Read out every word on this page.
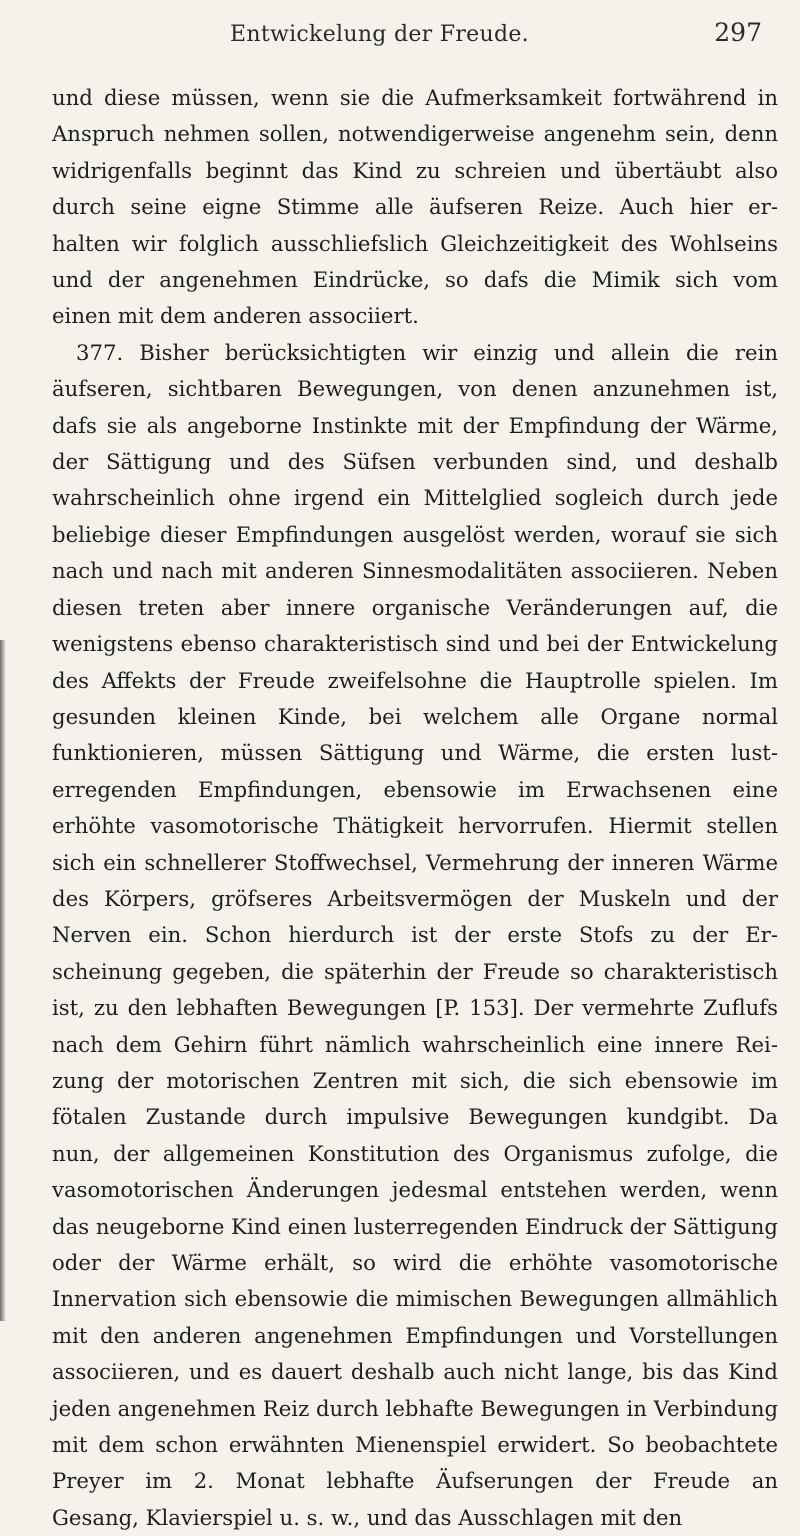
Entwickelung der Freude.	297
und diese müssen, wenn sie die Aufmerksamkeit fortwährend in
Anspruch nehmen sollen, notwendigerweise angenehm sein, denn
widrigenfalls beginnt das Kind zu schreien und übertäubt also
durch seine eigne Stimme alle äufseren Reize. Auch hier er-
halten wir folglich ausschliefslich Gleichzeitigkeit des Wohlseins
und der angenehmen Eindrücke, so dafs die Mimik sich vom
einen mit dem anderen associiert.
377. Bisher berücksichtigten wir einzig und allein die rein
äufseren, sichtbaren Bewegungen, von denen anzunehmen ist,
dafs sie als angeborne Instinkte mit der Empfindung der Wärme,
der Sättigung und des Süfsen verbunden sind, und deshalb
wahrscheinlich ohne irgend ein Mittelglied sogleich durch jede
beliebige dieser Empfindungen ausgelöst werden, worauf sie sich
nach und nach mit anderen Sinnesmodalitäten associieren. Neben
diesen treten aber innere organische Veränderungen auf, die
wenigstens ebenso charakteristisch sind und bei der Entwickelung
des Affekts der Freude zweifelsohne die Hauptrolle spielen. Im
gesunden kleinen Kinde, bei welchem alle Organe normal
funktionieren, müssen Sättigung und Wärme, die ersten lust-
erregenden Empfindungen, ebensowie im Erwachsenen eine
erhöhte vasomotorische Thätigkeit hervorrufen. Hiermit stellen
sich ein schnellerer Stoffwechsel, Vermehrung der inneren Wärme
des Körpers, gröfseres Arbeitsvermögen der Muskeln und der
Nerven ein. Schon hierdurch ist der erste Stofs zu der Er-
scheinung gegeben, die späterhin der Freude so charakteristisch
ist, zu den lebhaften Bewegungen [P. 153]. Der vermehrte Zuflufs
nach dem Gehirn führt nämlich wahrscheinlich eine innere Rei-
zung der motorischen Zentren mit sich, die sich ebensowie im
fötalen Zustande durch impulsive Bewegungen kundgibt. Da
nun, der allgemeinen Konstitution des Organismus zufolge, die
vasomotorischen Änderungen jedesmal entstehen werden, wenn
das neugeborne Kind einen lusterregenden Eindruck der Sättigung
oder der Wärme erhält, so wird die erhöhte vasomotorische
Innervation sich ebensowie die mimischen Bewegungen allmählich
mit den anderen angenehmen Empfindungen und Vorstellungen
associieren, und es dauert deshalb auch nicht lange, bis das Kind
jeden angenehmen Reiz durch lebhafte Bewegungen in Verbindung
mit dem schon erwähnten Mienenspiel erwidert. So beobachtete
Preyer im 2. Monat lebhafte Äufserungen der Freude an
Gesang, Klavierspiel u. s. w., und das Ausschlagen mit den
